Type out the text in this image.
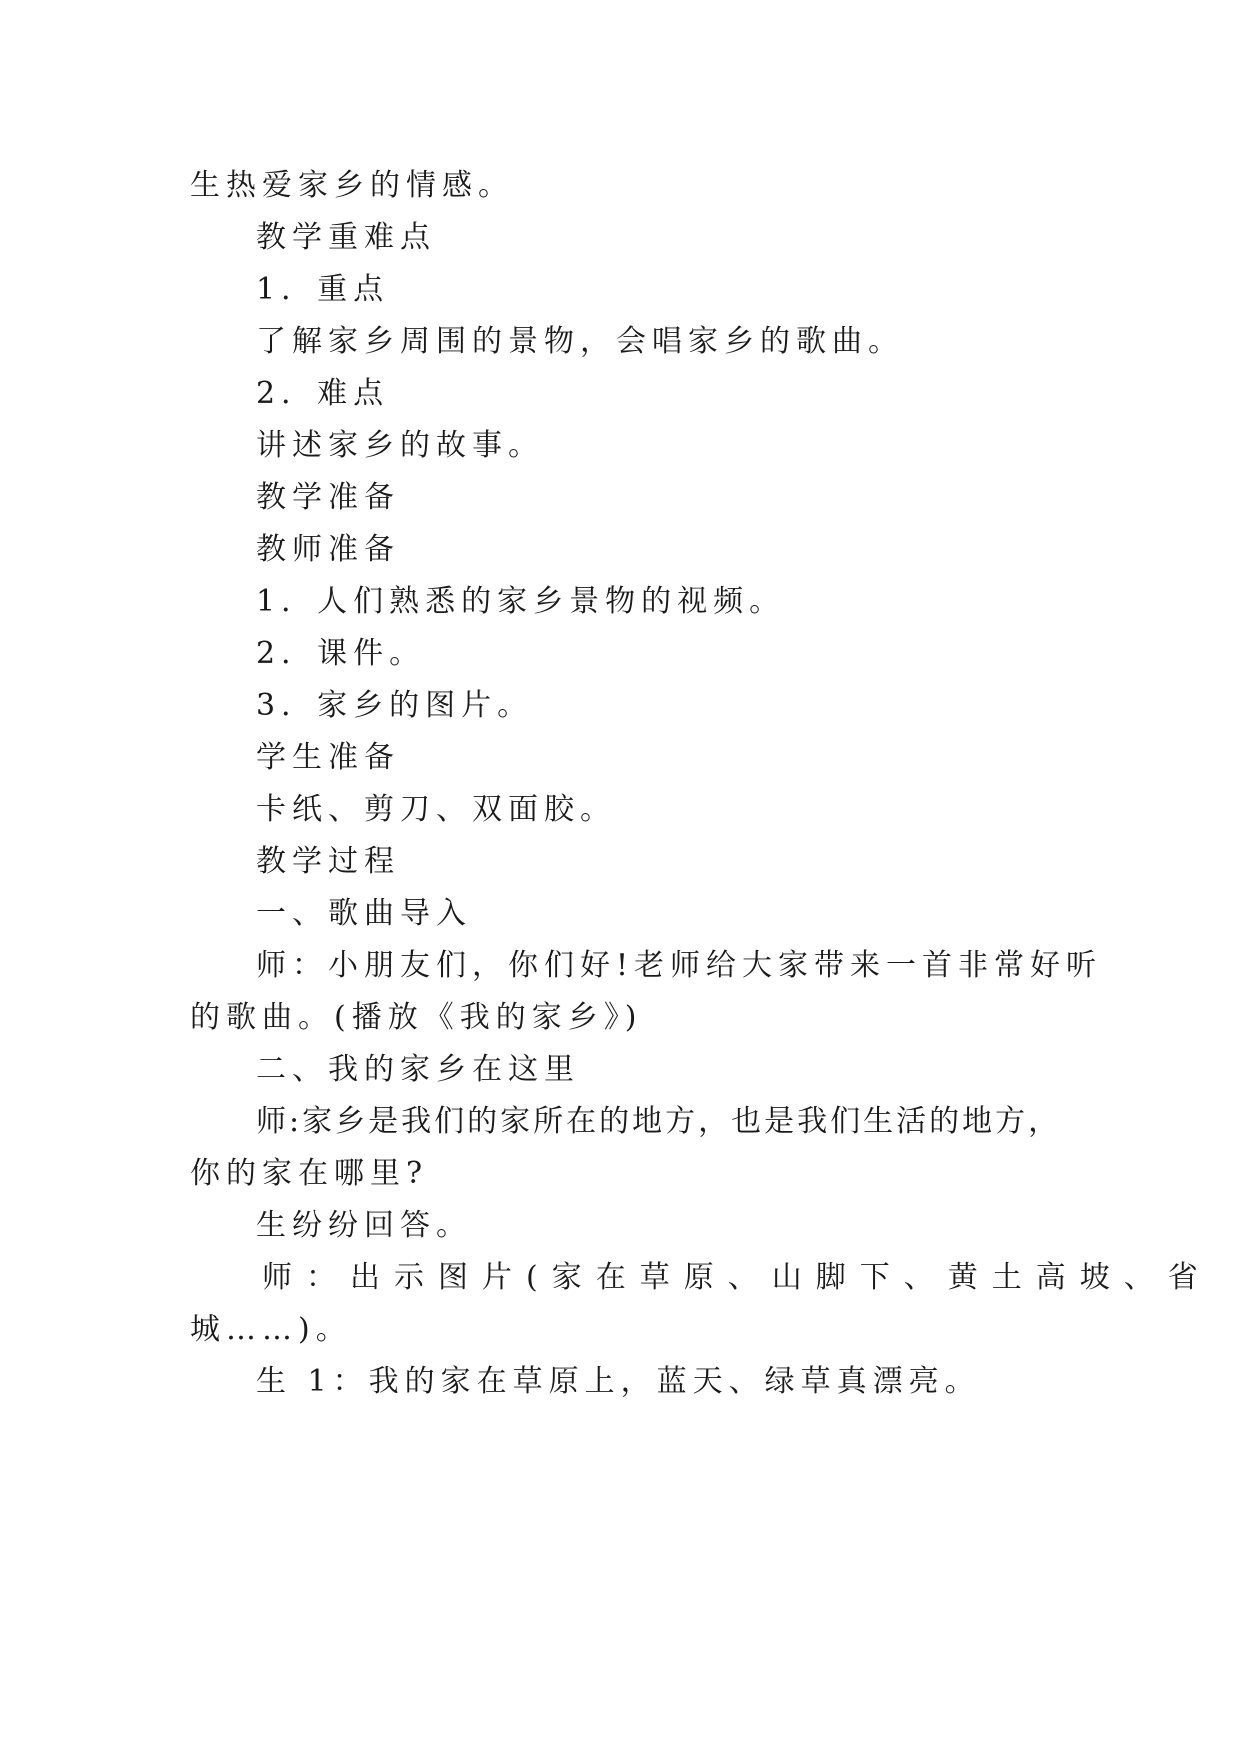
生热爱家乡的情感。

教学重难点

1．重点

了解家乡周围的景物，会唱家乡的歌曲。

2．难点

讲述家乡的故事。

教学准备

教师准备

1．人们熟悉的家乡景物的视频。

2．课件。

3．家乡的图片。

学生准备

卡纸、剪刀、双面胶。

教学过程

一、歌曲导入

师：小朋友们，你们好!老师给大家带来一首非常好听

的歌曲。(播放《我的家乡》)

二、我的家乡在这里

师:家乡是我们的家所在的地方，也是我们生活的地方，

你的家在哪里?

生纷纷回答。

师：出示图片(家在草原、山脚下、黄土高坡、省

城……)。

生 1：我的家在草原上，蓝天、绿草真漂亮。
